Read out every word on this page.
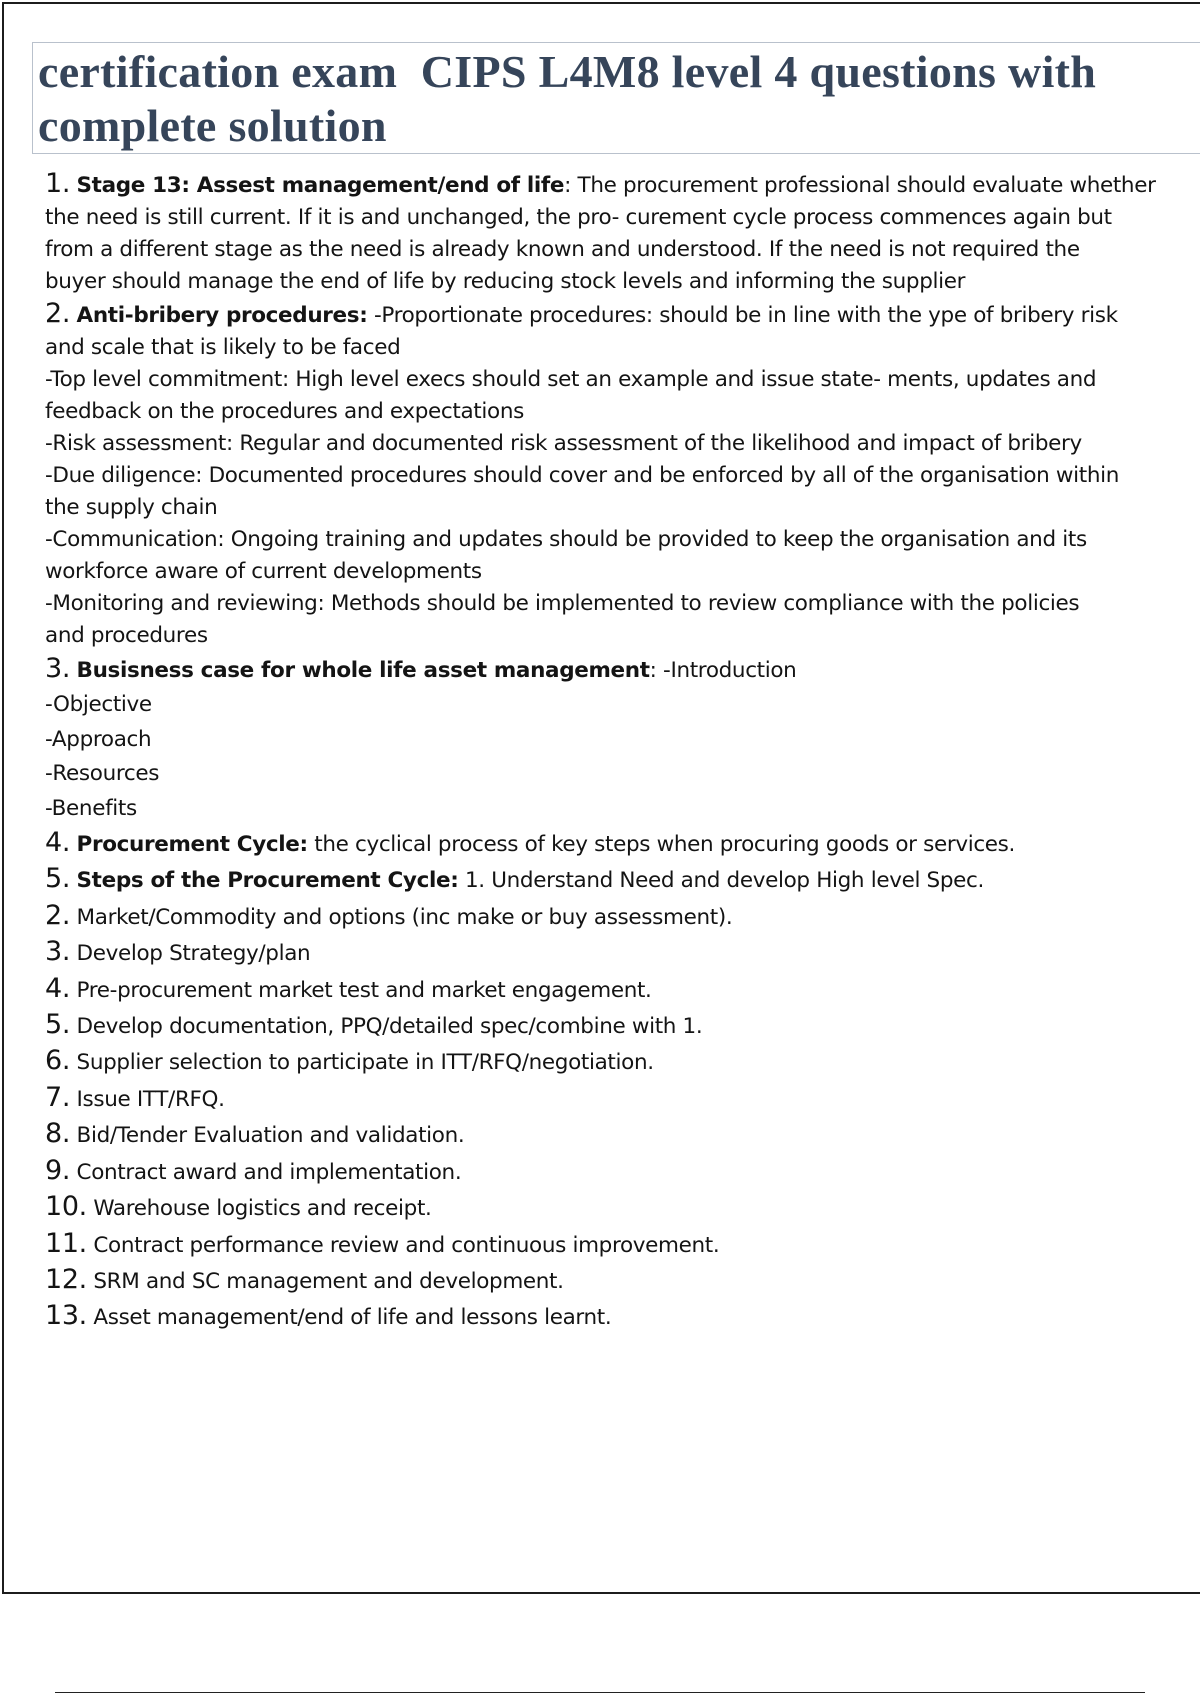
certification exam  CIPS L4M8 level 4 questions with
complete solution

1. Stage 13: Assest management/end of life: The procurement professional should evaluate whether
the need is still current. If it is and unchanged, the pro- curement cycle process commences again but
from a different stage as the need is already known and understood. If the need is not required the
buyer should manage the end of life by reducing stock levels and informing the supplier

2. Anti-bribery procedures: -Proportionate procedures: should be in line with the ype of bribery risk
and scale that is likely to be faced
-Top level commitment: High level execs should set an example and issue state- ments, updates and
feedback on the procedures and expectations
-Risk assessment: Regular and documented risk assessment of the likelihood and impact of bribery
-Due diligence: Documented procedures should cover and be enforced by all of the organisation within
the supply chain
-Communication: Ongoing training and updates should be provided to keep the organisation and its
workforce aware of current developments
-Monitoring and reviewing: Methods should be implemented to review compliance with the policies
and procedures

3. Busisness case for whole life asset management: -Introduction
-Objective
-Approach
-Resources
-Benefits

4. Procurement Cycle: the cyclical process of key steps when procuring goods or services.

5. Steps of the Procurement Cycle: 1. Understand Need and develop High level Spec.

2. Market/Commodity and options (inc make or buy assessment).

3. Develop Strategy/plan

4. Pre-procurement market test and market engagement.

5. Develop documentation, PPQ/detailed spec/combine with 1.

6. Supplier selection to participate in ITT/RFQ/negotiation.

7. Issue ITT/RFQ.

8. Bid/Tender Evaluation and validation.

9. Contract award and implementation.

10. Warehouse logistics and receipt.

11. Contract performance review and continuous improvement.

12. SRM and SC management and development.

13. Asset management/end of life and lessons learnt.
